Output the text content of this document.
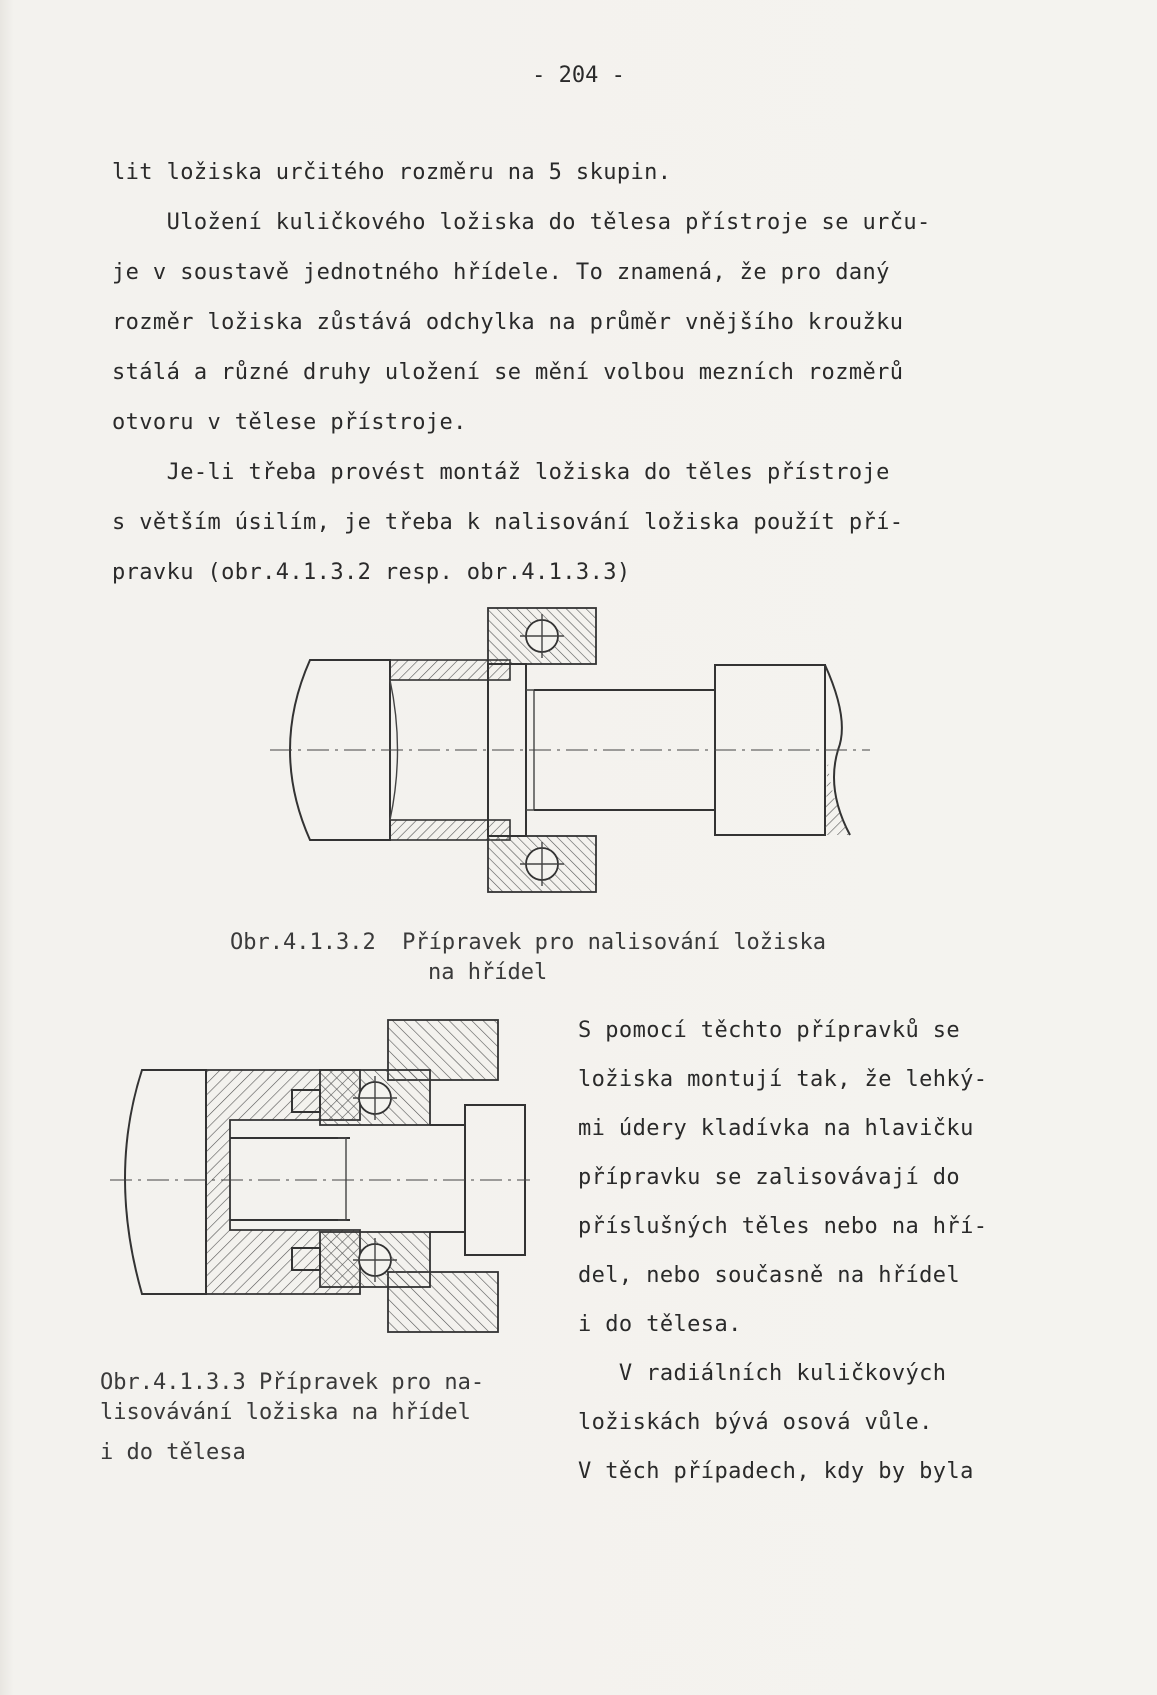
- 204 -
lit ložiska určitého rozměru na 5 skupin.
Uložení kuličkového ložiska do tělesa přístroje se urču-
je v soustavě jednotného hřídele. To znamená, že pro daný
rozměr ložiska zůstává odchylka na průměr vnějšího kroužku
stálá a různé druhy uložení se mění volbou mezních rozměrů
otvoru v tělese přístroje.
Je-li třeba provést montáž ložiska do těles přístroje
s větším úsilím, je třeba k nalisování ložiska použít pří-
pravku (obr.4.1.3.2 resp. obr.4.1.3.3)
Obr.4.1.3.2  Přípravek pro nalisování ložiska
na hřídel
Obr.4.1.3.3 Přípravek pro na-
lisovávání ložiska na hřídel
i do tělesa
S pomocí těchto přípravků se
ložiska montují tak, že lehký-
mi údery kladívka na hlavičku
přípravku se zalisovávají do
příslušných těles nebo na hří-
del, nebo současně na hřídel
i do tělesa.
V radiálních kuličkových
ložiskách bývá osová vůle.
V těch případech, kdy by byla
